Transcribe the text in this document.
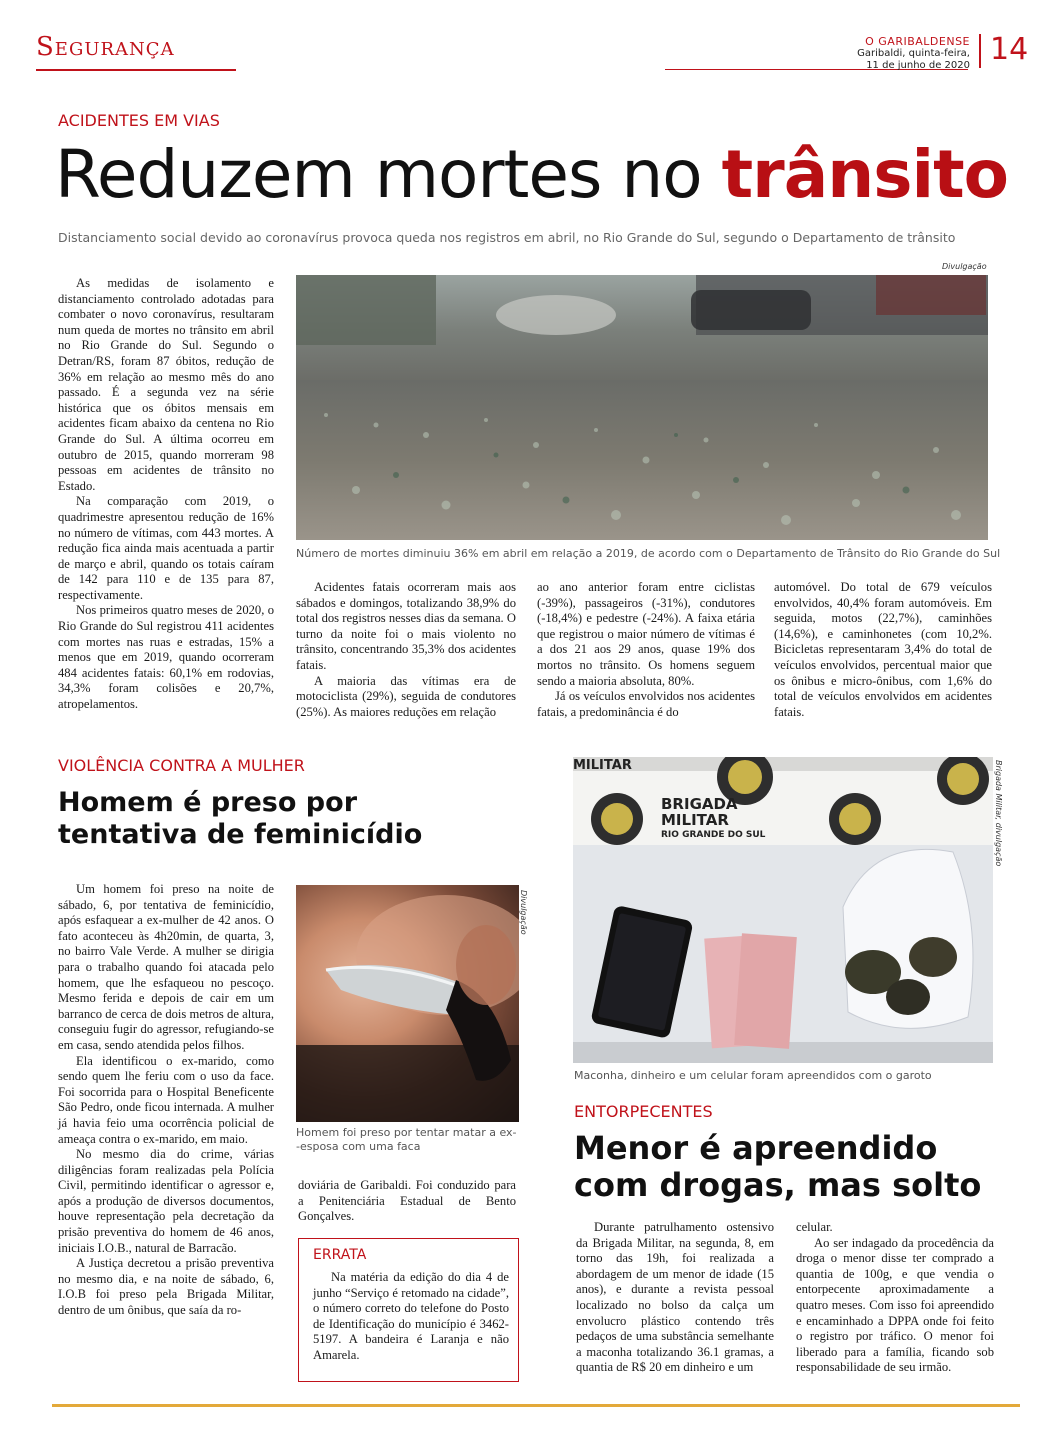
Segurança	O GARIBALDENSE
Garibaldi, quinta-feira,
11 de junho de 2020 14
ACIDENTES EM VIAS
Reduzem mortes no trânsito
Distanciamento social devido ao coronavírus provoca queda nos registros em abril, no Rio Grande do Sul, segundo o Departamento de trânsito
Divulgação
Número de mortes diminuiu 36% em abril em relação a 2019, de acordo com o Departamento de Trânsito do Rio Grande do Sul

As medidas de isolamento e distanciamento controlado adotadas para combater o novo coronavírus, resultaram num queda de mortes no trânsito em abril no Rio Grande do Sul. Segundo o Detran/RS, foram 87 óbitos, redução de 36% em relação ao mesmo mês do ano passado. É a segunda vez na série histórica que os óbitos mensais em acidentes ficam abaixo da centena no Rio Grande do Sul. A última ocorreu em outubro de 2015, quando morreram 98 pessoas em acidentes de trânsito no Estado.

Na comparação com 2019, o quadrimestre apresentou redução de 16% no número de vítimas, com 443 mortes. A redução fica ainda mais acentuada a partir de março e abril, quando os totais caíram de 142 para 110 e de 135 para 87, respectivamente.

Nos primeiros quatro meses de 2020, o Rio Grande do Sul registrou 411 acidentes com mortes nas ruas e estradas, 15% a menos que em 2019, quando ocorreram 484 acidentes fatais: 60,1% em rodovias, 34,3% foram colisões e 20,7%, atropelamentos.

Acidentes fatais ocorreram mais aos sábados e domingos, totalizando 38,9% do total dos registros nesses dias da semana. O turno da noite foi o mais violento no trânsito, concentrando 35,3% dos acidentes fatais.

A maioria das vítimas era de motociclista (29%), seguida de condutores (25%). As maiores reduções em relação

ao ano anterior foram entre ciclistas (-39%), passageiros (-31%), condutores (-18,4%) e pedestre (-24%). A faixa etária que registrou o maior número de vítimas é a dos 21 aos 29 anos, quase 19% dos mortos no trânsito. Os homens seguem sendo a maioria absoluta, 80%.

Já os veículos envolvidos nos acidentes fatais, a predominância é do

automóvel. Do total de 679 veículos envolvidos, 40,4% foram automóveis. Em seguida, motos (22,7%), caminhões (14,6%), e caminhonetes (com 10,2%. Bicicletas representaram 3,4% do total de veículos envolvidos, percentual maior que os ônibus e micro-ônibus, com 1,6% do total de veículos envolvidos em acidentes fatais.

VIOLÊNCIA CONTRA A MULHER
Homem é preso por
tentativa de feminicídio

Um homem foi preso na noite de sábado, 6, por tentativa de feminicídio, após esfaquear a ex-mulher de 42 anos. O fato aconteceu às 4h20min, de quarta, 3, no bairro Vale Verde. A mulher se dirigia para o trabalho quando foi atacada pelo homem, que lhe esfaqueou no pescoço. Mesmo ferida e depois de cair em um barranco de cerca de dois metros de altura, conseguiu fugir do agressor, refugiando-se em casa, sendo atendida pelos filhos.

Ela identificou o ex-marido, como sendo quem lhe feriu com o uso da face. Foi socorrida para o Hospital Beneficente São Pedro, onde ficou internada. A mulher já havia feio uma ocorrência policial de ameaça contra o ex-marido, em maio.

No mesmo dia do crime, várias diligências foram realizadas pela Polícia Civil, permitindo identificar o agressor e, após a produção de diversos documentos, houve representação pela decretação da prisão preventiva do homem de 46 anos, iniciais I.O.B., natural de Barracão.

A Justiça decretou a prisão preventiva no mesmo dia, e na noite de sábado, 6, I.O.B foi preso pela Brigada Militar, dentro de um ônibus, que saía da ro-

Divulgação
Homem foi preso por tentar matar a ex-
-esposa com uma faca

doviária de Garibaldi. Foi conduzido para a Penitenciária Estadual de Bento Gonçalves.

ERRATA

Na matéria da edição do dia 4 de junho “Serviço é retomado na cidade”, o número correto do telefone do Posto de Identificação do município é 3462-5197. A bandeira é Laranja e não Amarela.

MILITAR
BRIGADA
MILITAR
RIO GRANDE DO SUL	Brigada Militar, divulgação
Maconha, dinheiro e um celular foram apreendidos com o garoto
ENTORPECENTES
Menor é apreendido
com drogas, mas solto

Durante patrulhamento ostensivo da Brigada Militar, na segunda, 8, em torno das 19h, foi realizada a abordagem de um menor de idade (15 anos), e durante a revista pessoal localizado no bolso da calça um envolucro plástico contendo três pedaços de uma substância semelhante a maconha totalizando 36.1 gramas, a quantia de R$ 20 em dinheiro e um

celular.

Ao ser indagado da procedência da droga o menor disse ter comprado a quantia de 100g, e que vendia o entorpecente aproximadamente a quatro meses. Com isso foi apreendido e encaminhado a DPPA onde foi feito o registro por tráfico. O menor foi liberado para a família, ficando sob responsabilidade de seu irmão.
